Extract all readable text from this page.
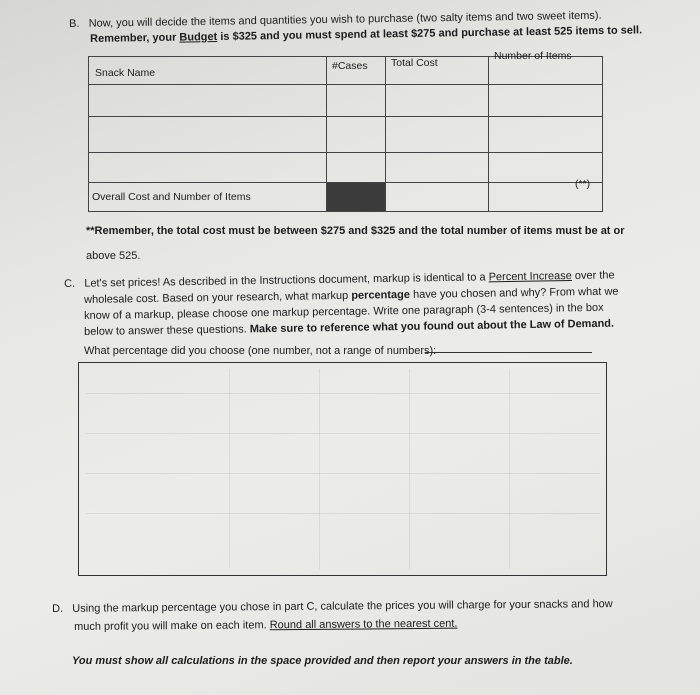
B. Now, you will decide the items and quantities you wish to purchase (two salty items and two sweet items).
Remember, your Budget is $325 and you must spend at least $275 and purchase at least 525 items to sell.
Snack Name
#Cases Total Cost
Number of Items
Overall Cost and Number of Items
(**)
**Remember, the total cost must be between $275 and $325 and the total number of items must be at or
above 525.
C. Let's set prices! As described in the Instructions document, markup is identical to a Percent Increase over the
wholesale cost. Based on your research, what markup percentage have you chosen and why? From what we
know of a markup, please choose one markup percentage. Write one paragraph (3-4 sentences) in the box
below to answer these questions. Make sure to reference what you found out about the Law of Demand.
What percentage did you choose (one number, not a range of numbers):
D. Using the markup percentage you chose in part C, calculate the prices you will charge for your snacks and how
much profit you will make on each item. Round all answers to the nearest cent.
You must show all calculations in the space provided and then report your answers in the table.
